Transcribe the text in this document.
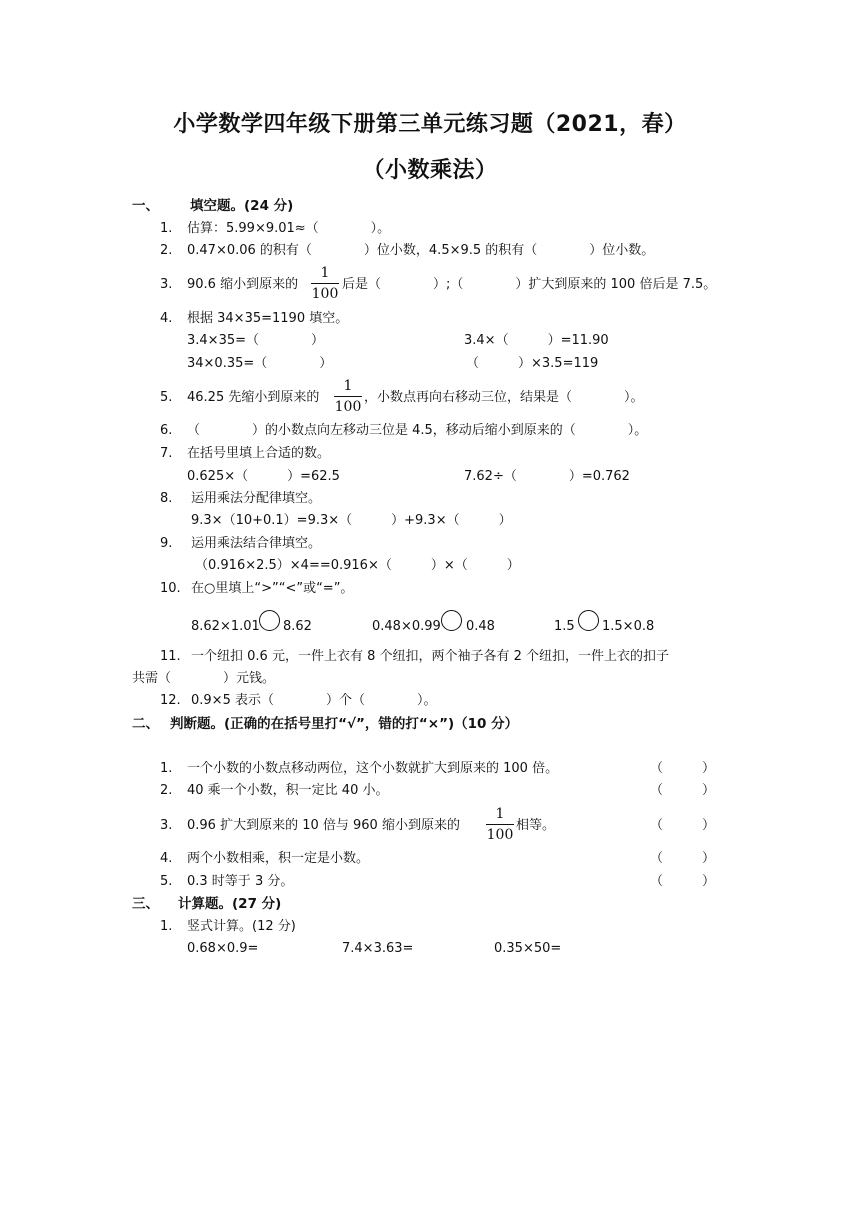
小学数学四年级下册第三单元练习题（2021，春）
（小数乘法）
一、 填空题。(24 分)
1. 估算：5.99×9.01≈（　　　　）。
2. 0.47×0.06 的积有（　　　　）位小数，4.5×9.5 的积有（　　　　）位小数。
3. 90.6 缩小到原来的
1
100
后是（　　　　）;（　　　　）扩大到原来的 100 倍后是 7.5。
4. 根据 34×35=1190 填空。
3.4×35=（　　　　）	3.4×（　　　）=11.90
34×0.35=（　　　　）	（　　　）×3.5=119
5. 46.25 先缩小到原来的
1
100
，小数点再向右移动三位，结果是（　　　　）。
6. （　　　　）的小数点向左移动三位是 4.5，移动后缩小到原来的（　　　　）。
7. 在括号里填上合适的数。
0.625×（　　　）=62.5	7.62÷（　　　　）=0.762
8. 运用乘法分配律填空。
9.3×（10+0.1）=9.3×（　　　）+9.3×（　　　）
9. 运用乘法结合律填空。
（0.916×2.5）×4==0.916×（　　　）×（　　　）
10. 在○里填上“>”“<”或“=”。
8.62×1.01 8.62	0.48×0.99 0.48	1.5 1.5×0.8
11. 一个纽扣 0.6 元，一件上衣有 8 个纽扣，两个袖子各有 2 个纽扣，一件上衣的扣子
共需（　　　　）元钱。
12. 0.9×5 表示（　　　　）个（　　　　）。
二、 判断题。(正确的在括号里打“√”，错的打“×”)（10 分）
1. 一个小数的小数点移动两位，这个小数就扩大到原来的 100 倍。	（　　　）
2. 40 乘一个小数，积一定比 40 小。	（　　　）
3. 0.96 扩大到原来的 10 倍与 960 缩小到原来的
1
100
相等。	（　　　）
4. 两个小数相乘，积一定是小数。	（　　　）
5. 0.3 时等于 3 分。	（　　　）
三、 计算题。(27 分)
1. 竖式计算。(12 分)
0.68×0.9=	7.4×3.63=	0.35×50=
